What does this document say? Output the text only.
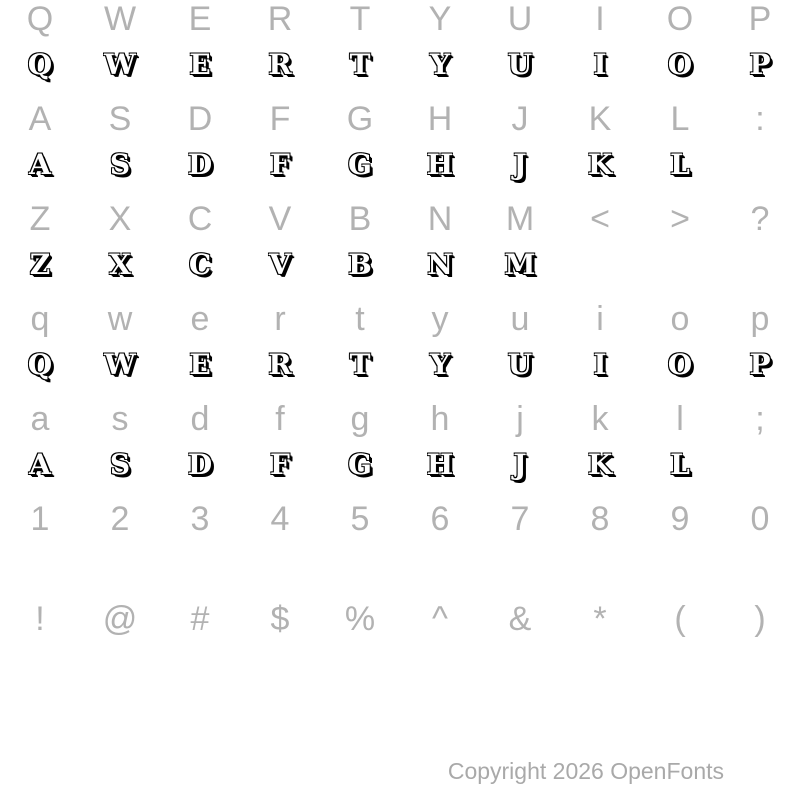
Q	W	E	R	T	Y	U	I	O	P
Q	W	E	R	T	Y	U	I	O	P
A	S	D	F	G	H	J	K	L	:
A	S	D	F	G	H	J	K	L
Z	X	C	V	B	N	M	<	>	?
Z	X	C	V	B	N	M
q	w	e	r	t	y	u	i	o	p
Q	W	E	R	T	Y	U	I	O	P
a	s	d	f	g	h	j	k	l	;
A	S	D	F	G	H	J	K	L
1	2	3	4	5	6	7	8	9	0
!	@	#	$	%	^	&	*	(	)
Copyright 2026 OpenFonts
